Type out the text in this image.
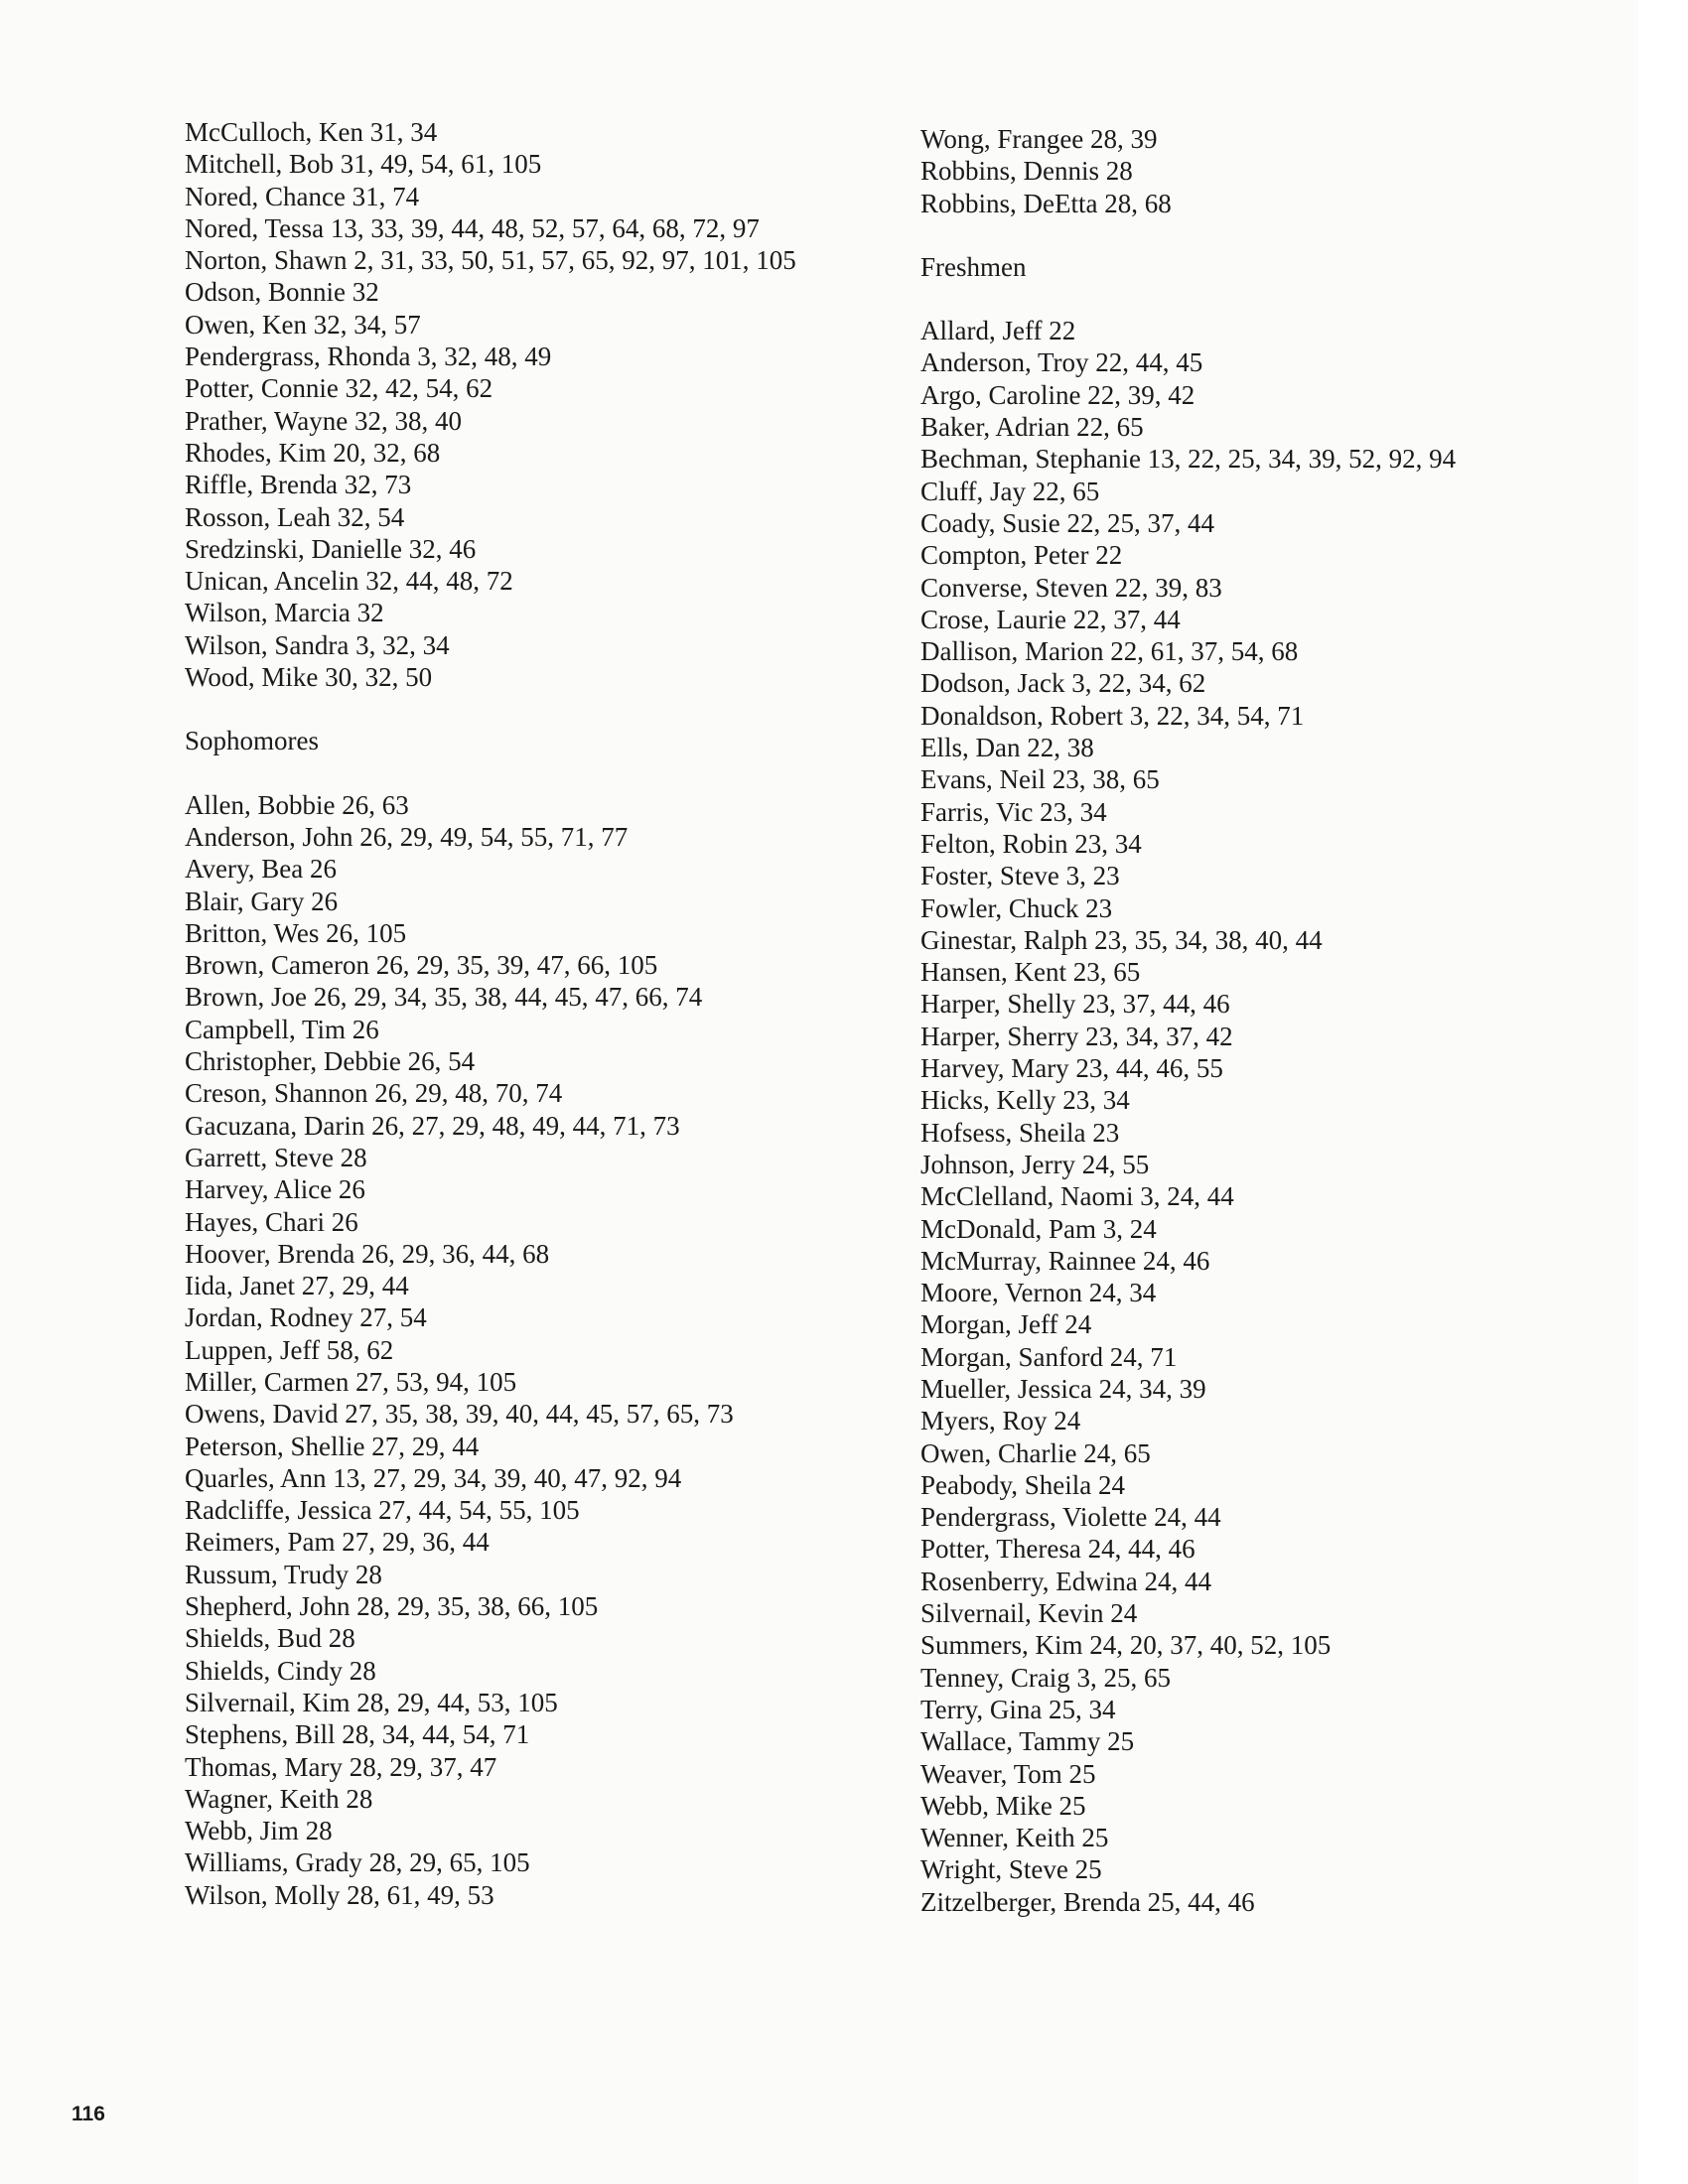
McCulloch, Ken 31, 34
Mitchell, Bob 31, 49, 54, 61, 105
Nored, Chance 31, 74
Nored, Tessa 13, 33, 39, 44, 48, 52, 57, 64, 68, 72, 97
Norton, Shawn 2, 31, 33, 50, 51, 57, 65, 92, 97, 101, 105
Odson, Bonnie 32
Owen, Ken 32, 34, 57
Pendergrass, Rhonda 3, 32, 48, 49
Potter, Connie 32, 42, 54, 62
Prather, Wayne 32, 38, 40
Rhodes, Kim 20, 32, 68
Riffle, Brenda 32, 73
Rosson, Leah 32, 54
Sredzinski, Danielle 32, 46
Unican, Ancelin 32, 44, 48, 72
Wilson, Marcia 32
Wilson, Sandra 3, 32, 34
Wood, Mike 30, 32, 50
Sophomores
Allen, Bobbie 26, 63
Anderson, John 26, 29, 49, 54, 55, 71, 77
Avery, Bea 26
Blair, Gary 26
Britton, Wes 26, 105
Brown, Cameron 26, 29, 35, 39, 47, 66, 105
Brown, Joe 26, 29, 34, 35, 38, 44, 45, 47, 66, 74
Campbell, Tim 26
Christopher, Debbie 26, 54
Creson, Shannon 26, 29, 48, 70, 74
Gacuzana, Darin 26, 27, 29, 48, 49, 44, 71, 73
Garrett, Steve 28
Harvey, Alice 26
Hayes, Chari 26
Hoover, Brenda 26, 29, 36, 44, 68
Iida, Janet 27, 29, 44
Jordan, Rodney 27, 54
Luppen, Jeff 58, 62
Miller, Carmen 27, 53, 94, 105
Owens, David 27, 35, 38, 39, 40, 44, 45, 57, 65, 73
Peterson, Shellie 27, 29, 44
Quarles, Ann 13, 27, 29, 34, 39, 40, 47, 92, 94
Radcliffe, Jessica 27, 44, 54, 55, 105
Reimers, Pam 27, 29, 36, 44
Russum, Trudy 28
Shepherd, John 28, 29, 35, 38, 66, 105
Shields, Bud 28
Shields, Cindy 28
Silvernail, Kim 28, 29, 44, 53, 105
Stephens, Bill 28, 34, 44, 54, 71
Thomas, Mary 28, 29, 37, 47
Wagner, Keith 28
Webb, Jim 28
Williams, Grady 28, 29, 65, 105
Wilson, Molly 28, 61, 49, 53
Wong, Frangee 28, 39
Robbins, Dennis 28
Robbins, DeEtta 28, 68
Freshmen
Allard, Jeff 22
Anderson, Troy 22, 44, 45
Argo, Caroline 22, 39, 42
Baker, Adrian 22, 65
Bechman, Stephanie 13, 22, 25, 34, 39, 52, 92, 94
Cluff, Jay 22, 65
Coady, Susie 22, 25, 37, 44
Compton, Peter 22
Converse, Steven 22, 39, 83
Crose, Laurie 22, 37, 44
Dallison, Marion 22, 61, 37, 54, 68
Dodson, Jack 3, 22, 34, 62
Donaldson, Robert 3, 22, 34, 54, 71
Ells, Dan 22, 38
Evans, Neil 23, 38, 65
Farris, Vic 23, 34
Felton, Robin 23, 34
Foster, Steve 3, 23
Fowler, Chuck 23
Ginestar, Ralph 23, 35, 34, 38, 40, 44
Hansen, Kent 23, 65
Harper, Shelly 23, 37, 44, 46
Harper, Sherry 23, 34, 37, 42
Harvey, Mary 23, 44, 46, 55
Hicks, Kelly 23, 34
Hofsess, Sheila 23
Johnson, Jerry 24, 55
McClelland, Naomi 3, 24, 44
McDonald, Pam 3, 24
McMurray, Rainnee 24, 46
Moore, Vernon 24, 34
Morgan, Jeff 24
Morgan, Sanford 24, 71
Mueller, Jessica 24, 34, 39
Myers, Roy 24
Owen, Charlie 24, 65
Peabody, Sheila 24
Pendergrass, Violette 24, 44
Potter, Theresa 24, 44, 46
Rosenberry, Edwina 24, 44
Silvernail, Kevin 24
Summers, Kim 24, 20, 37, 40, 52, 105
Tenney, Craig 3, 25, 65
Terry, Gina 25, 34
Wallace, Tammy 25
Weaver, Tom 25
Webb, Mike 25
Wenner, Keith 25
Wright, Steve 25
Zitzelberger, Brenda 25, 44, 46
116
